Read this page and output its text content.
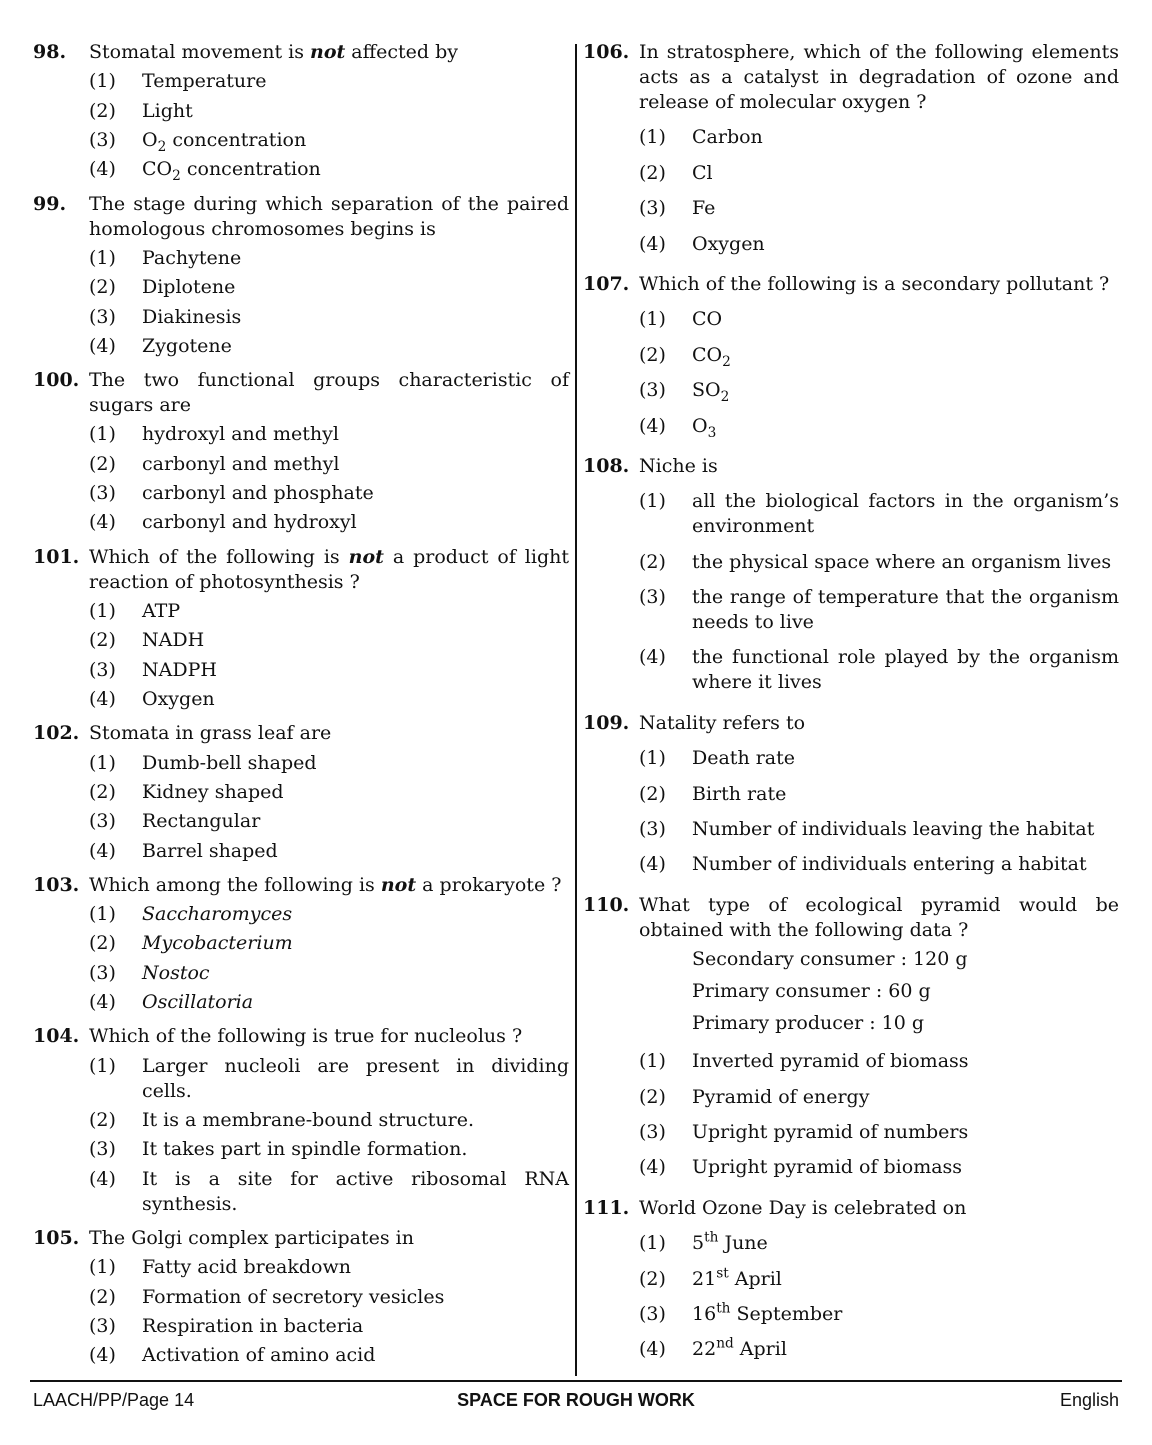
98.	Stomatal movement is not affected by
(1)	Temperature
(2)	Light
(3)	$O_2$ concentration
(4)	$CO_2$ concentration
99.	The stage during which separation of the paired homologous chromosomes begins is
(1)	Pachytene
(2)	Diplotene
(3)	Diakinesis
(4)	Zygotene
100. The two functional groups characteristic of sugars are
(1)	hydroxyl and methyl
(2)	carbonyl and methyl
(3)	carbonyl and phosphate
(4)	carbonyl and hydroxyl
101. Which of the following is not a product of light reaction of photosynthesis ?
(1)	ATP
(2)	NADH
(3)	NADPH
(4)	Oxygen
102. Stomata in grass leaf are
(1)	Dumb-bell shaped
(2)	Kidney shaped
(3)	Rectangular
(4)	Barrel shaped
103. Which among the following is not a prokaryote ?
(1)	Saccharomyces
(2)	Mycobacterium
(3)	Nostoc
(4)	Oscillatoria
104. Which of the following is true for nucleolus ?
(1)	Larger nucleoli are present in dividing cells.
(2)	It is a membrane-bound structure.
(3)	It takes part in spindle formation.
(4)	It is a site for active ribosomal RNA synthesis.
105. The Golgi complex participates in
(1)	Fatty acid breakdown
(2)	Formation of secretory vesicles
(3)	Respiration in bacteria
(4)	Activation of amino acid
106. In stratosphere, which of the following elements acts as a catalyst in degradation of ozone and release of molecular oxygen ?
(1)	Carbon
(2)	Cl
(3)	Fe
(4)	Oxygen
107. Which of the following is a secondary pollutant ?
(1)	CO
(2)	$CO_2$
(3)	$SO_2$
(4)	$O_3$
108. Niche is
(1)	all the biological factors in the organism’s environment
(2)	the physical space where an organism lives
(3)	the range of temperature that the organism needs to live
(4)	the functional role played by the organism where it lives
109. Natality refers to
(1)	Death rate
(2)	Birth rate
(3)	Number of individuals leaving the habitat
(4)	Number of individuals entering a habitat
110. What type of ecological pyramid would be obtained with the following data ?
Secondary consumer : 120 g
Primary consumer : 60 g
Primary producer : 10 g
(1)	Inverted pyramid of biomass
(2)	Pyramid of energy
(3)	Upright pyramid of numbers
(4)	Upright pyramid of biomass
111. World Ozone Day is celebrated on
(1)	5th June
(2)	21st April
(3)	16th September
(4)	22nd April
LAACH/PP/Page 14	SPACE FOR ROUGH WORK	English
